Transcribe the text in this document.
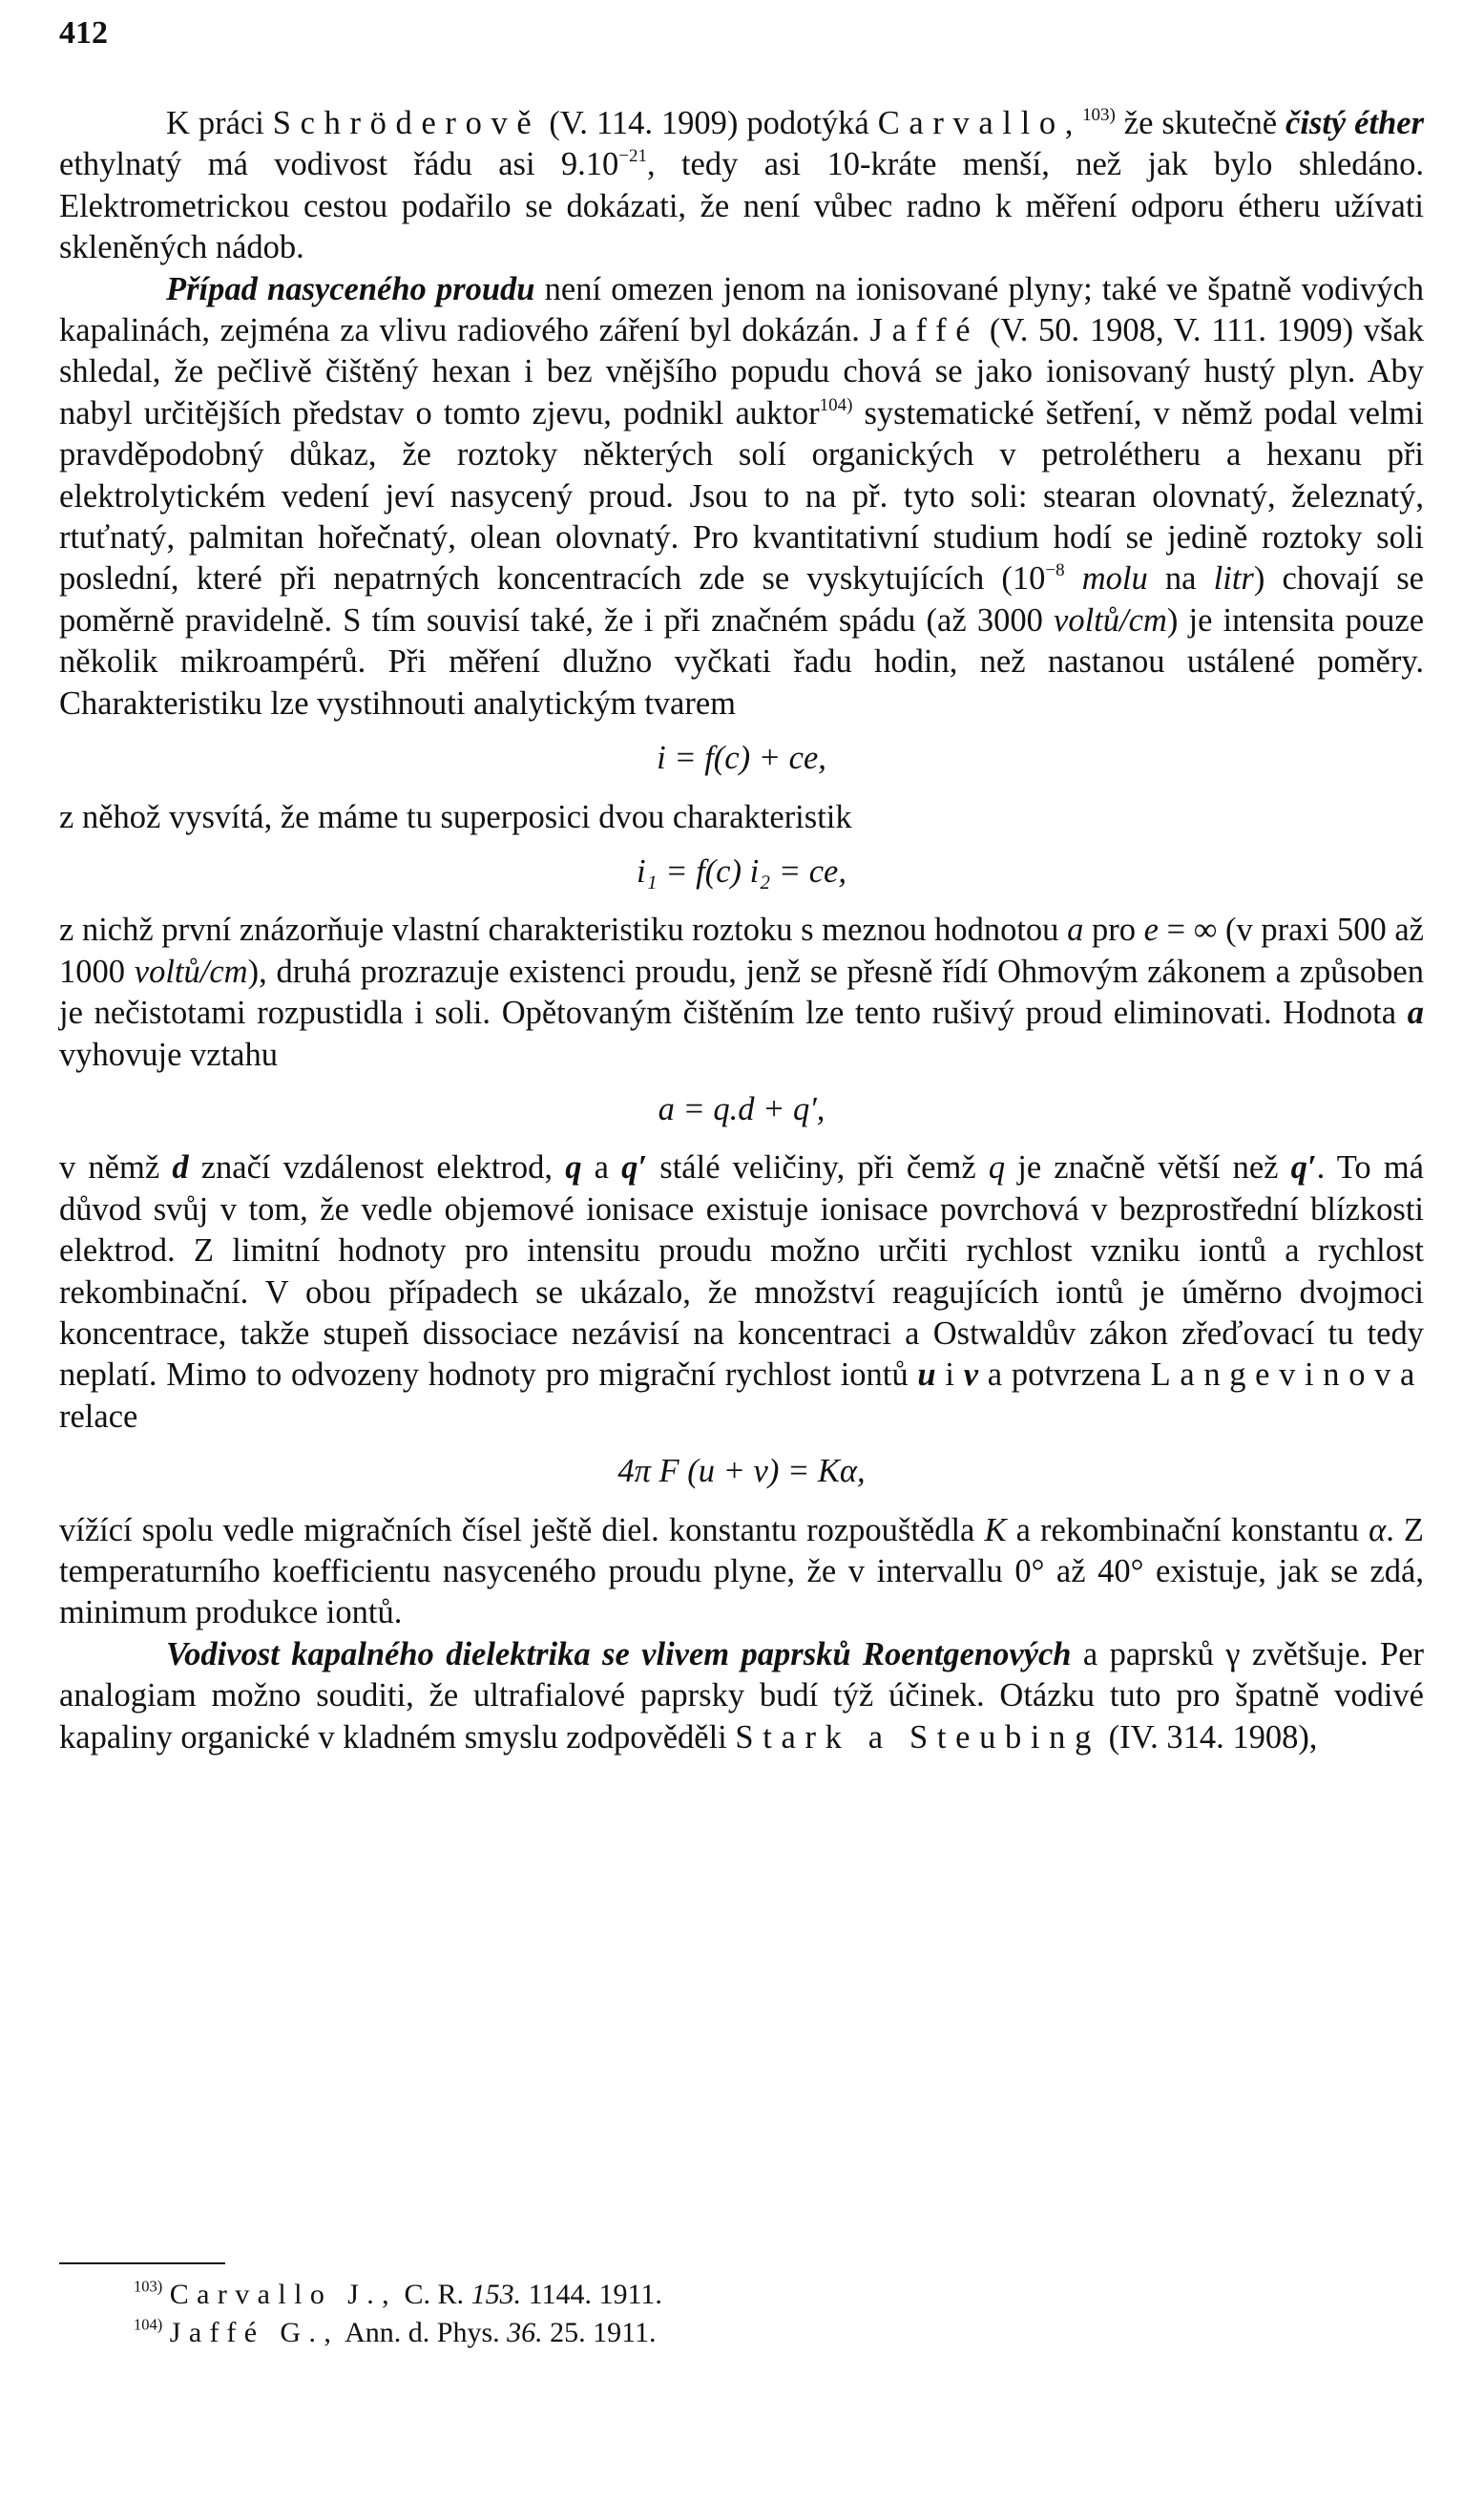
412

K práci Schröderově (V. 114. 1909) podotýká Carvallo,$^{103)}$ že skutečně čistý éther ethylnatý má vodivost řádu asi $9.10^{-21}$, tedy asi 10-kráte menší, než jak bylo shledáno. Elektrometrickou cestou podařilo se dokázati, že není vůbec radno k měření odporu étheru užívati skleněných nádob.

Případ nasyceného proudu není omezen jenom na ionisované plyny; také ve špatně vodivých kapalinách, zejména za vlivu radiového záření byl dokázán. Jaffé (V. 50. 1908, V. 111. 1909) však shledal, že pečlivě čištěný hexan i bez vnějšího popudu chová se jako ionisovaný hustý plyn. Aby nabyl určitějších představ o tomto zjevu, podnikl auktor$^{104)}$ systematické šetření, v němž podal velmi pravděpodobný důkaz, že roztoky některých solí organických v petrolétheru a hexanu při elektrolytickém vedení jeví nasycený proud. Jsou to na př. tyto soli: stearan olovnatý, železnatý, rtuťnatý, palmitan hořečnatý, olean olovnatý. Pro kvantitativní studium hodí se jedině roztoky soli poslední, které při nepatrných koncentracích zde se vyskytujících ($10^{-8}$ molu na litr) chovají se poměrně pravidelně. S tím souvisí také, že i při značném spádu (až 3000 voltů/cm) je intensita pouze několik mikroampérů. Při měření dlužno vyčkati řadu hodin, než nastanou ustálené poměry. Charakteristiku lze vystihnouti analytickým tvarem

i = f(c) + ce,

z něhož vysvítá, že máme tu superposici dvou charakteristik

i₁ = f(c) i₂ = ce,

z nichž první znázorňuje vlastní charakteristiku roztoku s meznou hodnotou a pro e = ∞ (v praxi 500 až 1000 voltů/cm), druhá prozrazuje existenci proudu, jenž se přesně řídí Ohmovým zákonem a způsoben je nečistotami rozpustidla i soli. Opětovaným čištěním lze tento rušivý proud eliminovati. Hodnota a vyhovuje vztahu

a = q.d + q′,

v němž d značí vzdálenost elektrod, q a q′ stálé veličiny, při čemž q je značně větší než q′. To má důvod svůj v tom, že vedle objemové ionisace existuje ionisace povrchová v bezprostřední blízkosti elektrod. Z limitní hodnoty pro intensitu proudu možno určiti rychlost vzniku iontů a rychlost rekombinační. V obou případech se ukázalo, že množství reagujících iontů je úměrno dvojmoci koncentrace, takže stupeň dissociace nezávisí na koncentraci a Ostwaldův zákon zřeďovací tu tedy neplatí. Mimo to odvozeny hodnoty pro migrační rychlost iontů u i v a potvrzena Langevinova relace

4π F (u + v) = Kα,

vížící spolu vedle migračních čísel ještě diel. konstantu rozpouštědla K a rekombinační konstantu α. Z temperaturního koefficientu nasyceného proudu plyne, že v intervallu 0° až 40° existuje, jak se zdá, minimum produkce iontů.

Vodivost kapalného dielektrika se vlivem paprsků Roentgenových a paprsků γ zvětšuje. Per analogiam možno souditi, že ultrafialové paprsky budí týž účinek. Otázku tuto pro špatně vodivé kapaliny organické v kladném smyslu zodpověděli Stark a Steubing (IV. 314. 1908),

$^{103)}$ Carvallo J., C. R. 153. 1144. 1911.
$^{104)}$ Jaffé G., Ann. d. Phys. 36. 25. 1911.
